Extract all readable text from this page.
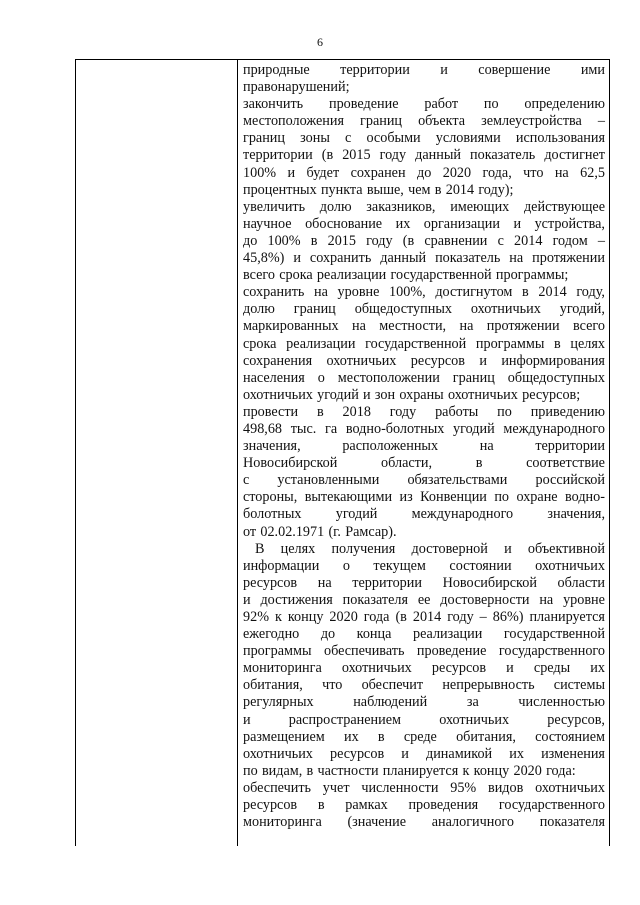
6
природные территории и совершение ими
правонарушений;
закончить проведение работ по определению
местоположения границ объекта землеустройства –
границ зоны с особыми условиями использования
территории (в 2015 году данный показатель достигнет
100% и будет сохранен до 2020 года, что на 62,5
процентных пункта выше, чем в 2014 году);
увеличить долю заказников, имеющих действующее
научное обоснование их организации и устройства,
до 100% в 2015 году (в сравнении с 2014 годом –
45,8%) и сохранить данный показатель на протяжении
всего срока реализации государственной программы;
сохранить на уровне 100%, достигнутом в 2014 году,
долю границ общедоступных охотничьих угодий,
маркированных на местности, на протяжении всего
срока реализации государственной программы в целях
сохранения охотничьих ресурсов и информирования
населения о местоположении границ общедоступных
охотничьих угодий и зон охраны охотничьих ресурсов;
провести в 2018 году работы по приведению
498,68 тыс. га водно-болотных угодий международного
значения,	расположенных	на	территории
Новосибирской	области,	в	соответствие
с установленными обязательствами российской
стороны, вытекающими из Конвенции по охране водно-
болотных угодий международного значения,
от 02.02.1971 (г. Рамсар).
В целях получения достоверной и объективной
информации о текущем состоянии охотничьих
ресурсов на территории Новосибирской области
и достижения показателя ее достоверности на уровне
92% к концу 2020 года (в 2014 году – 86%) планируется
ежегодно до конца реализации государственной
программы обеспечивать проведение государственного
мониторинга охотничьих ресурсов и среды их
обитания, что обеспечит непрерывность системы
регулярных	наблюдений	за	численностью
и	распространением	охотничьих	ресурсов,
размещением их в среде обитания, состоянием
охотничьих ресурсов и динамикой их изменения
по видам, в частности планируется к концу 2020 года:
обеспечить учет численности 95% видов охотничьих
ресурсов в рамках проведения государственного
мониторинга (значение аналогичного показателя
